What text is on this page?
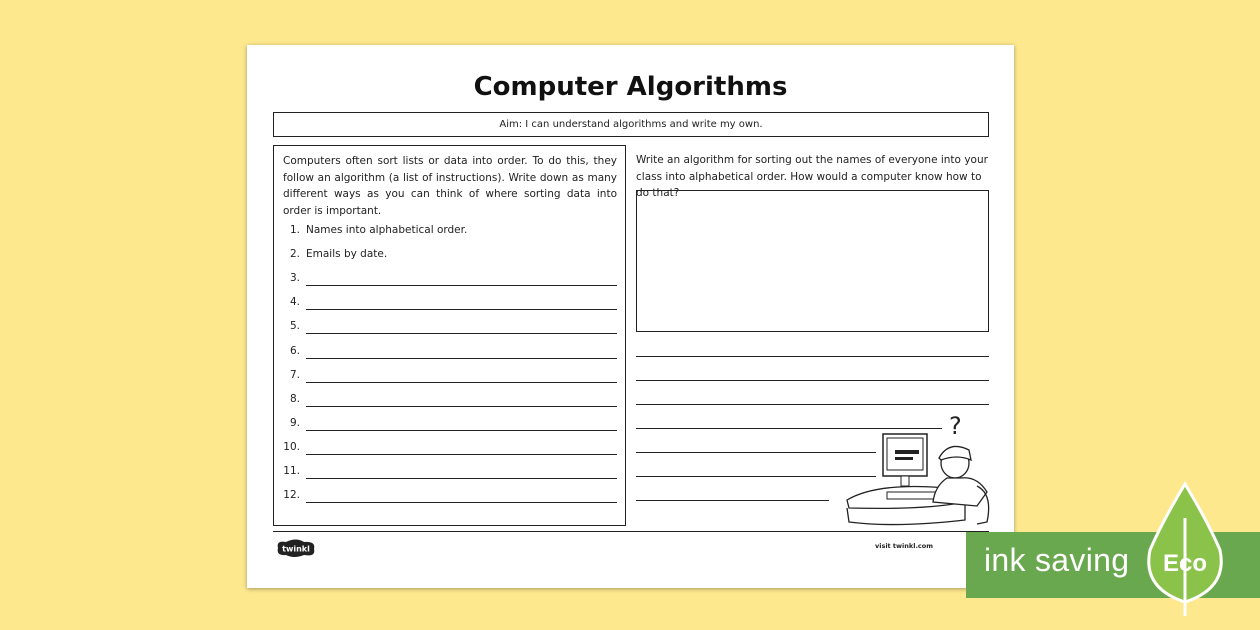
Computer Algorithms
Aim: I can understand algorithms and write my own.
Computers often sort lists or data into order. To do this, they follow an algorithm (a list of instructions). Write down as many different ways as you can think of where sorting data into order is important.
1. Names into alphabetical order.
2. Emails by date.
3.
4.
5.
6.
7.
8.
9.
10.
11.
12.
Write an algorithm for sorting out the names of everyone into your class into alphabetical order. How would a computer know how to do that?
?
twinkl	visit twinkl.com ink saving Eco
